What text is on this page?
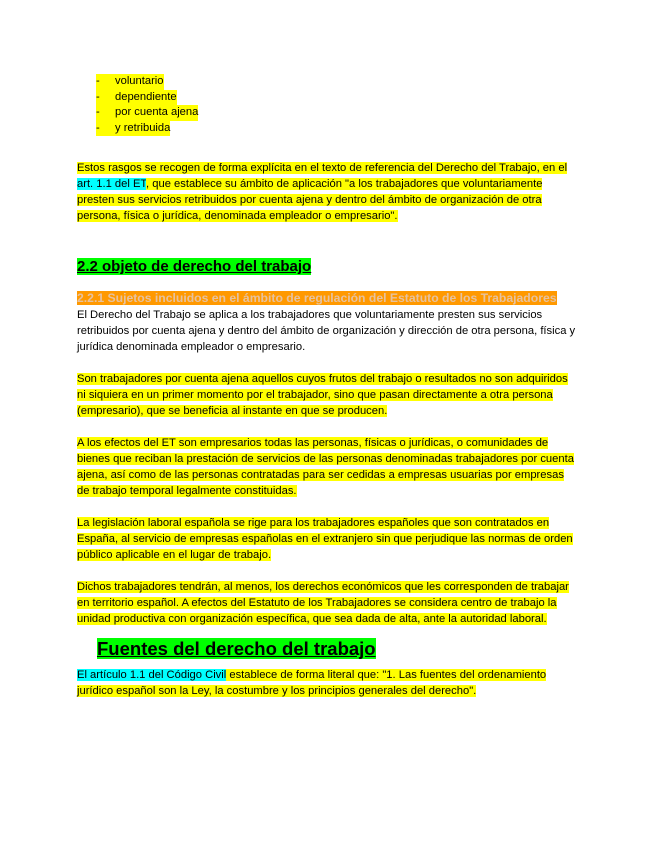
-	voluntario
-	dependiente
-	por cuenta ajena
-	y retribuida

Estos rasgos se recogen de forma explícita en el texto de referencia del Derecho del Trabajo, en el art. 1.1 del ET, que establece su ámbito de aplicación "a los trabajadores que voluntariamente presten sus servicios retribuidos por cuenta ajena y dentro del ámbito de organización de otra persona, física o jurídica, denominada empleador o empresario".

2.2 objeto de derecho del trabajo

2.2.1 Sujetos incluidos en el ámbito de regulación del Estatuto de los Trabajadores

El Derecho del Trabajo se aplica a los trabajadores que voluntariamente presten sus servicios retribuidos por cuenta ajena y dentro del ámbito de organización y dirección de otra persona, física y jurídica denominada empleador o empresario.

Son trabajadores por cuenta ajena aquellos cuyos frutos del trabajo o resultados no son adquiridos ni siquiera en un primer momento por el trabajador, sino que pasan directamente a otra persona (empresario), que se beneficia al instante en que se producen.

A los efectos del ET son empresarios todas las personas, físicas o jurídicas, o comunidades de bienes que reciban la prestación de servicios de las personas denominadas trabajadores por cuenta ajena, así como de las personas contratadas para ser cedidas a empresas usuarias por empresas de trabajo temporal legalmente constituidas.

La legislación laboral española se rige para los trabajadores españoles que son contratados en España, al servicio de empresas españolas en el extranjero sin que perjudique las normas de orden público aplicable en el lugar de trabajo.

Dichos trabajadores tendrán, al menos, los derechos económicos que les corresponden de trabajar en territorio español. A efectos del Estatuto de los Trabajadores se considera centro de trabajo la unidad productiva con organización específica, que sea dada de alta, ante la autoridad laboral.

Fuentes del derecho del trabajo

El artículo 1.1 del Código Civil establece de forma literal que: "1. Las fuentes del ordenamiento jurídico español son la Ley, la costumbre y los principios generales del derecho".
